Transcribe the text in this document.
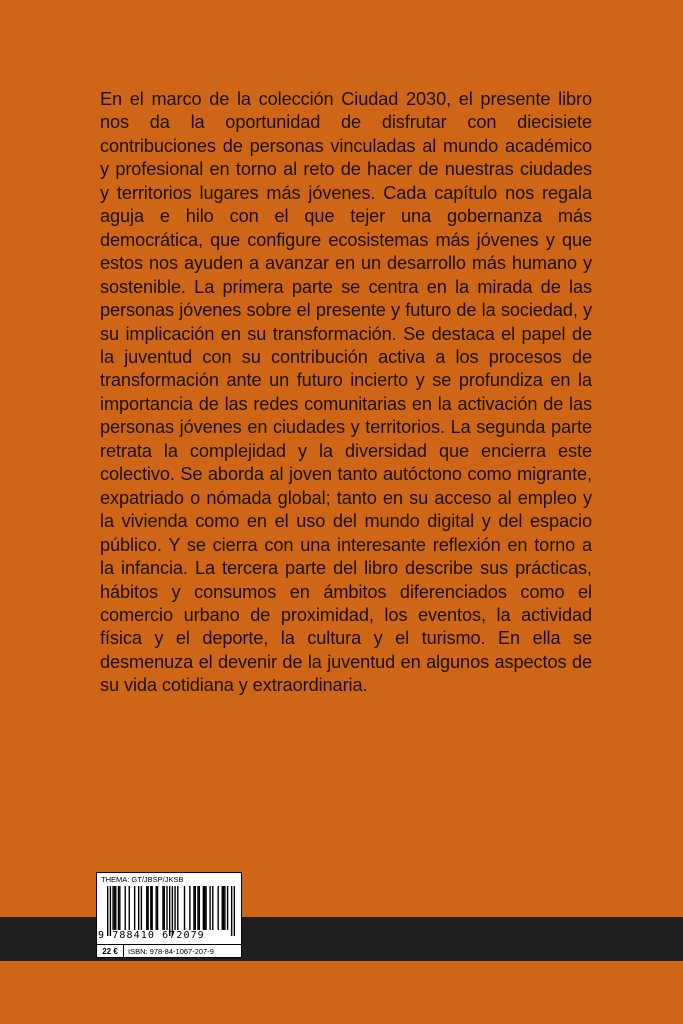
En el marco de la colección Ciudad 2030, el presente libro nos da la oportunidad de disfrutar con diecisiete contribuciones de personas vinculadas al mundo académico y profesional en torno al reto de hacer de nuestras ciudades y territorios lugares más jóvenes. Cada capítulo nos regala aguja e hilo con el que tejer una gobernanza más democrática, que configure ecosistemas más jóvenes y que estos nos ayuden a avanzar en un desarrollo más humano y sostenible. La primera parte se centra en la mirada de las personas jóvenes sobre el presente y futuro de la sociedad, y su implicación en su transformación. Se destaca el papel de la juventud con su contribución activa a los procesos de transformación ante un futuro incierto y se profundiza en la importancia de las redes comunitarias en la activación de las personas jóvenes en ciudades y territorios. La segunda parte retrata la complejidad y la diversidad que encierra este colectivo. Se aborda al joven tanto autóctono como migrante, expatriado o nómada global; tanto en su acceso al empleo y la vivienda como en el uso del mundo digital y del espacio público. Y se cierra con una interesante reflexión en torno a la infancia. La tercera parte del libro describe sus prácticas, hábitos y consumos en ámbitos diferenciados como el comercio urbano de proximidad, los eventos, la actividad física y el deporte, la cultura y el turismo. En ella se desmenuza el devenir de la juventud en algunos aspectos de su vida cotidiana y extraordinaria.

THEMA: GT/JBSP/JKSB
9 788410 672079
22 €	ISBN: 978-84-1067-207-9
